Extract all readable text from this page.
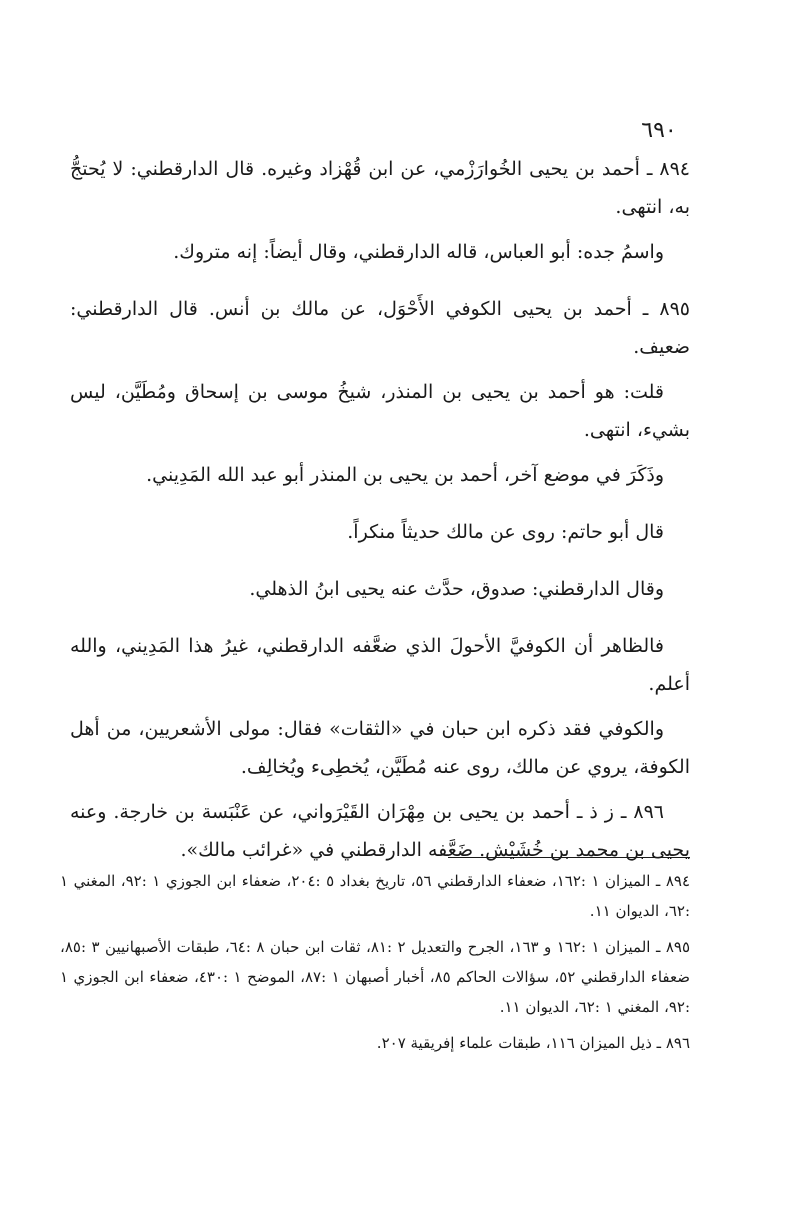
٦٩٠

٨٩٤ ـ أحمد بن يحيى الخُوارَزْمي، عن ابن قُهْزاد وغيره. قال الدارقطني: لا يُحتجُّ به، انتهى.

واسمُ جده: أبو العباس، قاله الدارقطني، وقال أيضاً: إنه متروك.

٨٩٥ ـ أحمد بن يحيى الكوفي الأَحْوَل، عن مالك بن أنس. قال الدارقطني: ضعيف.

قلت: هو أحمد بن يحيى بن المنذر، شيخُ موسى بن إسحاق ومُطَيَّن، ليس بشيء، انتهى.

وذَكَرَ في موضع آخر، أحمد بن يحيى بن المنذر أبو عبد الله المَدِيني.

قال أبو حاتم: روى عن مالك حديثاً منكراً.

وقال الدارقطني: صدوق، حدَّث عنه يحيى ابنُ الذهلي.

فالظاهر أن الكوفيَّ الأحولَ الذي ضعَّفه الدارقطني، غيرُ هذا المَدِيني، والله أعلم.

والكوفي فقد ذكره ابن حبان في «الثقات» فقال: مولى الأشعريين، من أهل الكوفة، يروي عن مالك، روى عنه مُطَيَّن، يُخطِىء ويُخالِف.

٨٩٦ ـ ز ذ ـ أحمد بن يحيى بن مِهْرَان القَيْرَواني، عن عَنْبَسة بن خارجة. وعنه يحيى بن محمد بن خُشَيْش. ضَعَّفه الدارقطني في «غرائب مالك».

٨٩٤ ـ الميزان ١ :١٦٢، ضعفاء الدارقطني ٥٦، تاريخ بغداد ٥ :٢٠٤، ضعفاء ابن الجوزي ١ :٩٢، المغني ١ :٦٢، الديوان ١١.

٨٩٥ ـ الميزان ١ :١٦٢ و ١٦٣، الجرح والتعديل ٢ :٨١، ثقات ابن حبان ٨ :٦٤، طبقات الأصبهانيين ٣ :٨٥، ضعفاء الدارقطني ٥٢، سؤالات الحاكم ٨٥، أخبار أصبهان ١ :٨٧، الموضح ١ :٤٣٠، ضعفاء ابن الجوزي ١ :٩٢، المغني ١ :٦٢، الديوان ١١.

٨٩٦ ـ ذيل الميزان ١١٦، طبقات علماء إفريقية ٢٠٧.
